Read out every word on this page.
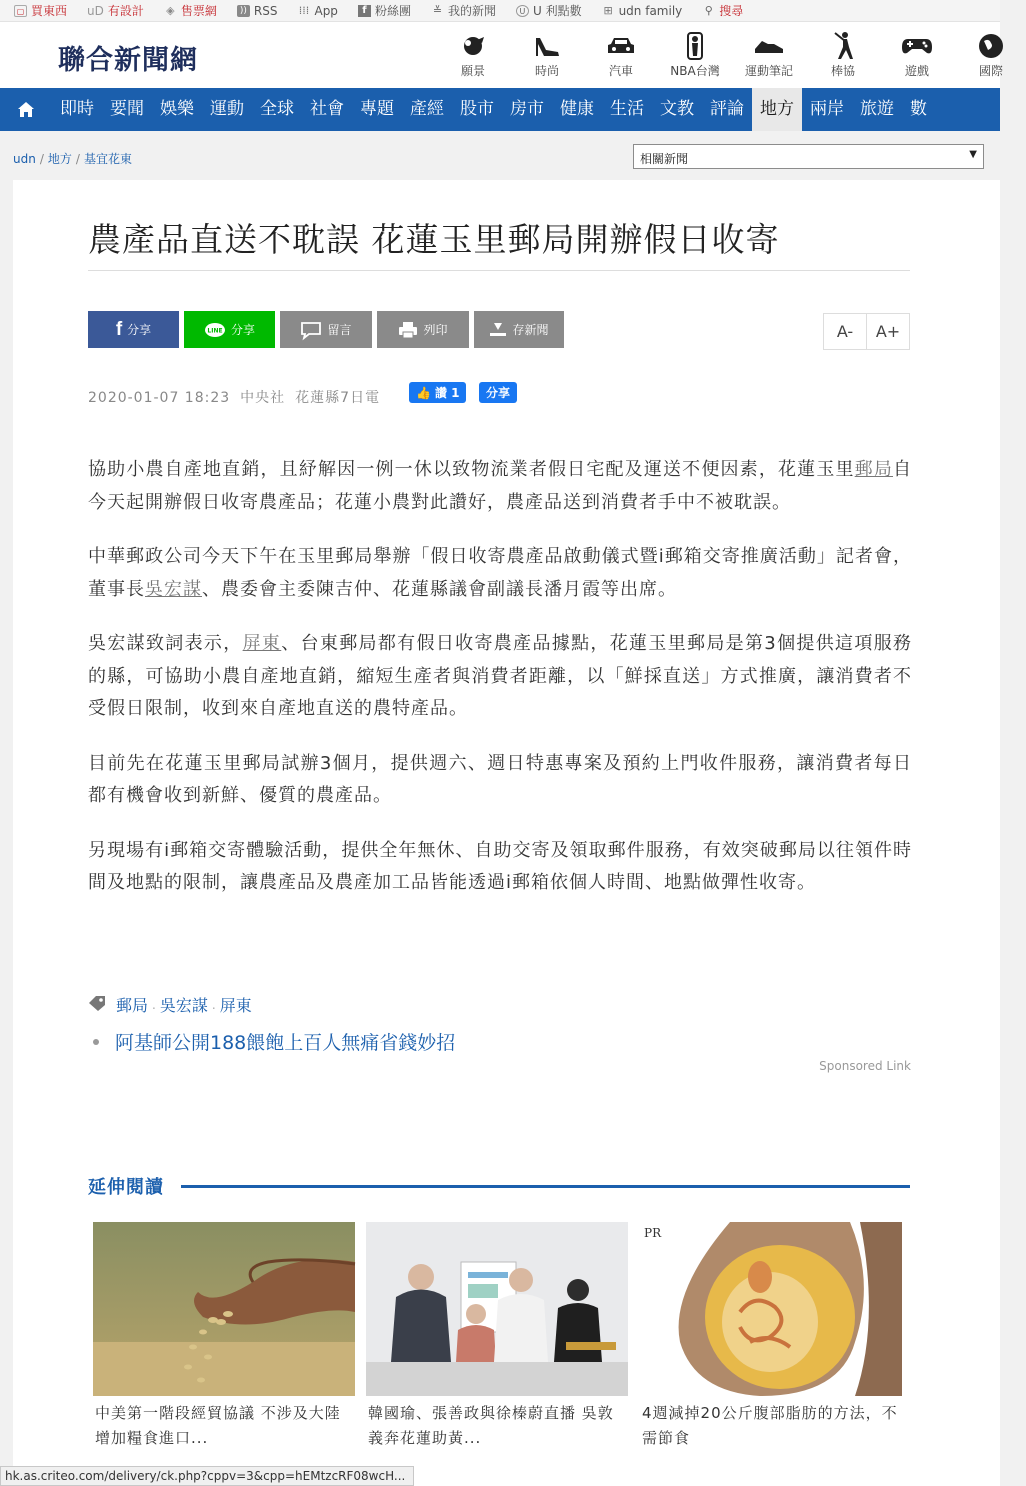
▢ 買東西 uD 有設計 ◈ 售票網	)) RSS ⁞⁞⁞ App	f 粉絲團 ≚ 我的新聞	U U 利點數 ⊞ udn family ⚲ 搜尋
聯合新聞網	願景	時尚	汽車	NBA台灣	運動筆記	棒協	遊戲	國際
即時 要聞 娛樂 運動 全球 社會 專題 產經 股市 房市 健康 生活 文教 評論 地方 兩岸 旅遊 數
udn / 地方 / 基宜花東	相關新聞	▼
農產品直送不耽誤 花蓮玉里郵局開辦假日收寄
f 分享	LINE 分享	留言	列印	存新聞	A-	A+
2020-01-07 18:23 中央社 花蓮縣7日電	👍 讚 1	分享

協助小農自產地直銷，且紓解因一例一休以致物流業者假日宅配及運送不便因素，花蓮玉里郵局自今天起開辦假日收寄農產品；花蓮小農對此讚好，農產品送到消費者手中不被耽誤。

中華郵政公司今天下午在玉里郵局舉辦「假日收寄農產品啟動儀式暨i郵箱交寄推廣活動」記者會，董事長吳宏謀、農委會主委陳吉仲、花蓮縣議會副議長潘月霞等出席。

吳宏謀致詞表示，屏東、台東郵局都有假日收寄農產品據點，花蓮玉里郵局是第3個提供這項服務的縣，可協助小農自產地直銷，縮短生產者與消費者距離，以「鮮採直送」方式推廣，讓消費者不受假日限制，收到來自產地直送的農特產品。

目前先在花蓮玉里郵局試辦3個月，提供週六、週日特惠專案及預約上門收件服務，讓消費者每日都有機會收到新鮮、優質的農產品。

另現場有i郵箱交寄體驗活動，提供全年無休、自助交寄及領取郵件服務，有效突破郵局以往領件時間及地點的限制，讓農產品及農產加工品皆能透過i郵箱依個人時間、地點做彈性收寄。

郵局 . 吳宏謀 . 屏東
阿基師公開188餵飽上百人無痛省錢妙招
Sponsored Link
延伸閱讀
中美第一階段經貿協議 不涉及大陸增加糧食進口...
韓國瑜、張善政與徐榛蔚直播 吳敦義奔花蓮助黃...
PR
4週減掉20公斤腹部脂肪的方法，不需節食
hk.as.criteo.com/delivery/ck.php?cppv=3&cpp=hEMtzcRF08wcH...
